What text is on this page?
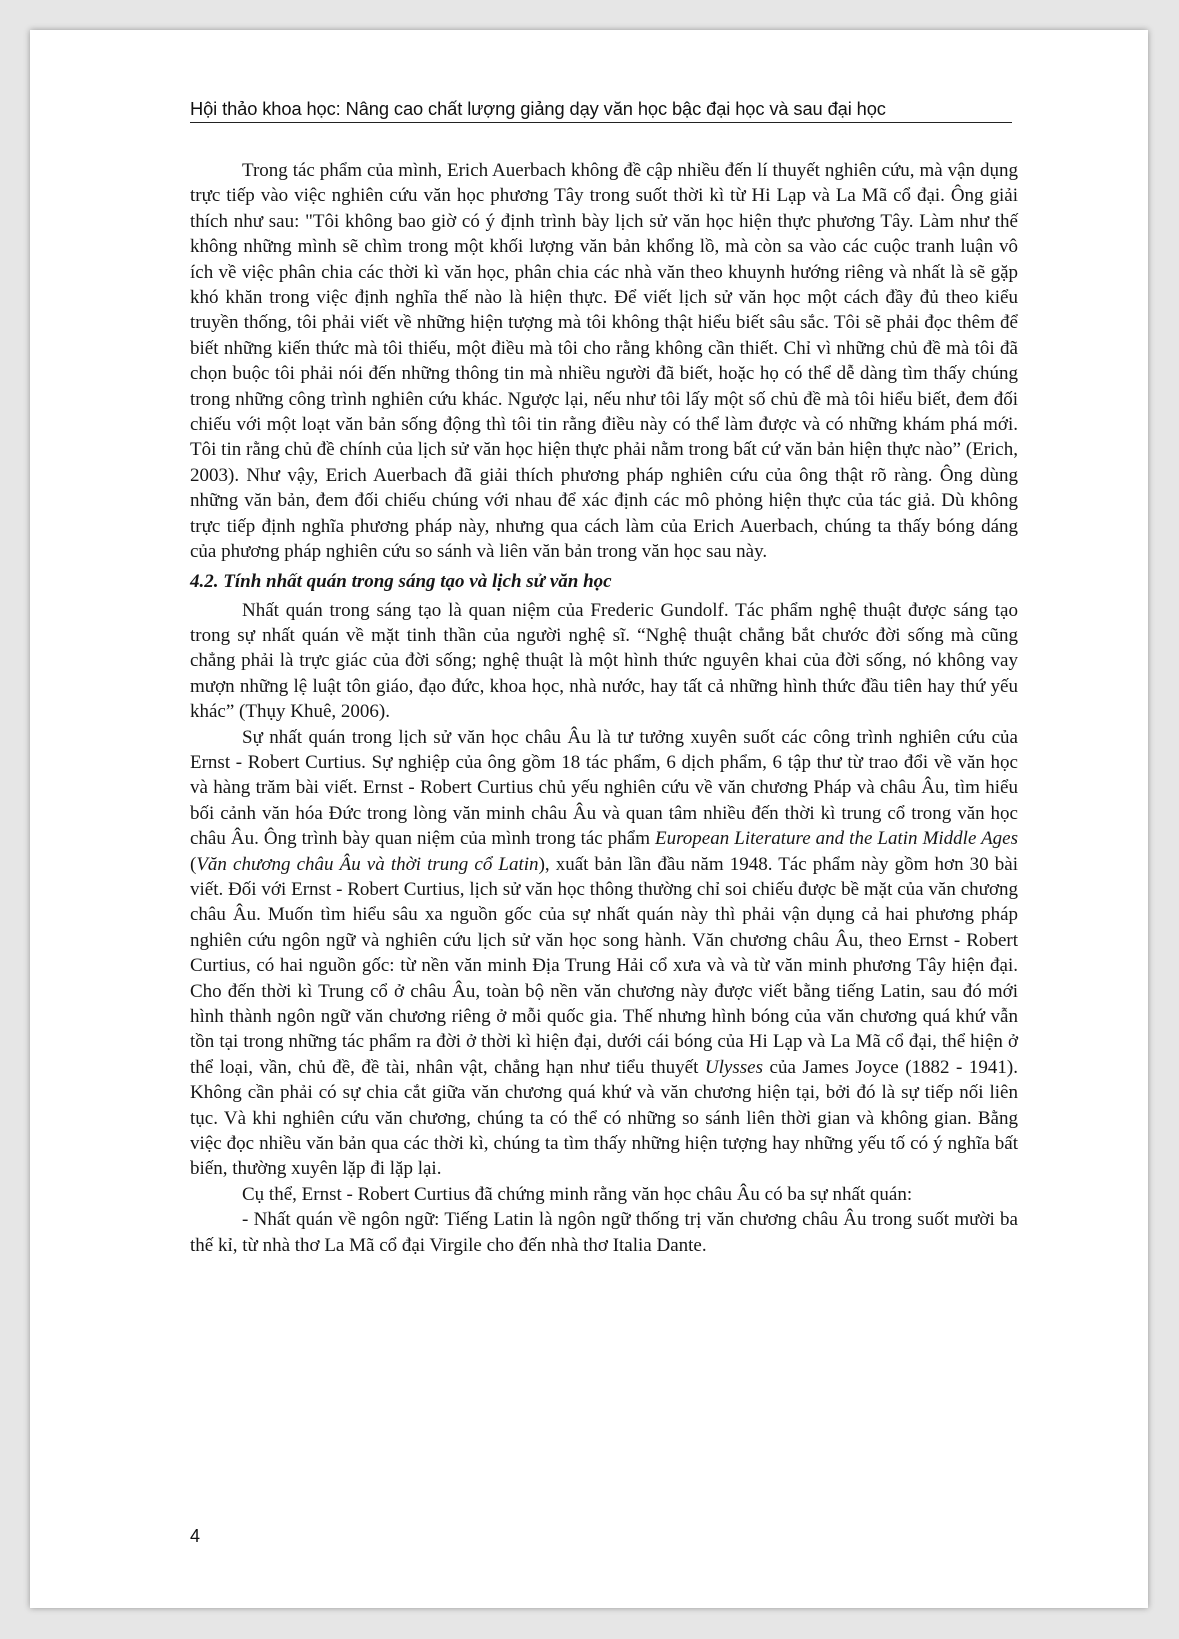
Hội thảo khoa học: Nâng cao chất lượng giảng dạy văn học bậc đại học và sau đại học

Trong tác phẩm của mình, Erich Auerbach không đề cập nhiều đến lí thuyết nghiên cứu, mà vận dụng trực tiếp vào việc nghiên cứu văn học phương Tây trong suốt thời kì từ Hi Lạp và La Mã cổ đại. Ông giải thích như sau: "Tôi không bao giờ có ý định trình bày lịch sử văn học hiện thực phương Tây. Làm như thế không những mình sẽ chìm trong một khối lượng văn bản khổng lồ, mà còn sa vào các cuộc tranh luận vô ích về việc phân chia các thời kì văn học, phân chia các nhà văn theo khuynh hướng riêng và nhất là sẽ gặp khó khăn trong việc định nghĩa thế nào là hiện thực. Để viết lịch sử văn học một cách đầy đủ theo kiểu truyền thống, tôi phải viết về những hiện tượng mà tôi không thật hiểu biết sâu sắc. Tôi sẽ phải đọc thêm để biết những kiến thức mà tôi thiếu, một điều mà tôi cho rằng không cần thiết. Chỉ vì những chủ đề mà tôi đã chọn buộc tôi phải nói đến những thông tin mà nhiều người đã biết, hoặc họ có thể dễ dàng tìm thấy chúng trong những công trình nghiên cứu khác. Ngược lại, nếu như tôi lấy một số chủ đề mà tôi hiểu biết, đem đối chiếu với một loạt văn bản sống động thì tôi tin rằng điều này có thể làm được và có những khám phá mới. Tôi tin rằng chủ đề chính của lịch sử văn học hiện thực phải nằm trong bất cứ văn bản hiện thực nào” (Erich, 2003). Như vậy, Erich Auerbach đã giải thích phương pháp nghiên cứu của ông thật rõ ràng. Ông dùng những văn bản, đem đối chiếu chúng với nhau để xác định các mô phỏng hiện thực của tác giả. Dù không trực tiếp định nghĩa phương pháp này, nhưng qua cách làm của Erich Auerbach, chúng ta thấy bóng dáng của phương pháp nghiên cứu so sánh và liên văn bản trong văn học sau này.

4.2. Tính nhất quán trong sáng tạo và lịch sử văn học

Nhất quán trong sáng tạo là quan niệm của Frederic Gundolf. Tác phẩm nghệ thuật được sáng tạo trong sự nhất quán về mặt tinh thần của người nghệ sĩ. “Nghệ thuật chẳng bắt chước đời sống mà cũng chẳng phải là trực giác của đời sống; nghệ thuật là một hình thức nguyên khai của đời sống, nó không vay mượn những lệ luật tôn giáo, đạo đức, khoa học, nhà nước, hay tất cả những hình thức đầu tiên hay thứ yếu khác” (Thụy Khuê, 2006).

Sự nhất quán trong lịch sử văn học châu Âu là tư tưởng xuyên suốt các công trình nghiên cứu của Ernst - Robert Curtius. Sự nghiệp của ông gồm 18 tác phẩm, 6 dịch phẩm, 6 tập thư từ trao đổi về văn học và hàng trăm bài viết. Ernst - Robert Curtius chủ yếu nghiên cứu về văn chương Pháp và châu Âu, tìm hiểu bối cảnh văn hóa Đức trong lòng văn minh châu Âu và quan tâm nhiều đến thời kì trung cổ trong văn học châu Âu. Ông trình bày quan niệm của mình trong tác phẩm European Literature and the Latin Middle Ages (Văn chương châu Âu và thời trung cổ Latin), xuất bản lần đầu năm 1948. Tác phẩm này gồm hơn 30 bài viết. Đối với Ernst - Robert Curtius, lịch sử văn học thông thường chỉ soi chiếu được bề mặt của văn chương châu Âu. Muốn tìm hiểu sâu xa nguồn gốc của sự nhất quán này thì phải vận dụng cả hai phương pháp nghiên cứu ngôn ngữ và nghiên cứu lịch sử văn học song hành. Văn chương châu Âu, theo Ernst - Robert Curtius, có hai nguồn gốc: từ nền văn minh Địa Trung Hải cổ xưa và và từ văn minh phương Tây hiện đại. Cho đến thời kì Trung cổ ở châu Âu, toàn bộ nền văn chương này được viết bằng tiếng Latin, sau đó mới hình thành ngôn ngữ văn chương riêng ở mỗi quốc gia. Thế nhưng hình bóng của văn chương quá khứ vẫn tồn tại trong những tác phẩm ra đời ở thời kì hiện đại, dưới cái bóng của Hi Lạp và La Mã cổ đại, thể hiện ở thể loại, vần, chủ đề, đề tài, nhân vật, chẳng hạn như tiểu thuyết Ulysses của James Joyce (1882 - 1941). Không cần phải có sự chia cắt giữa văn chương quá khứ và văn chương hiện tại, bởi đó là sự tiếp nối liên tục. Và khi nghiên cứu văn chương, chúng ta có thể có những so sánh liên thời gian và không gian. Bằng việc đọc nhiều văn bản qua các thời kì, chúng ta tìm thấy những hiện tượng hay những yếu tố có ý nghĩa bất biến, thường xuyên lặp đi lặp lại.

Cụ thể, Ernst - Robert Curtius đã chứng minh rằng văn học châu Âu có ba sự nhất quán:

- Nhất quán về ngôn ngữ: Tiếng Latin là ngôn ngữ thống trị văn chương châu Âu trong suốt mười ba thế kỉ, từ nhà thơ La Mã cổ đại Virgile cho đến nhà thơ Italia Dante.

4
